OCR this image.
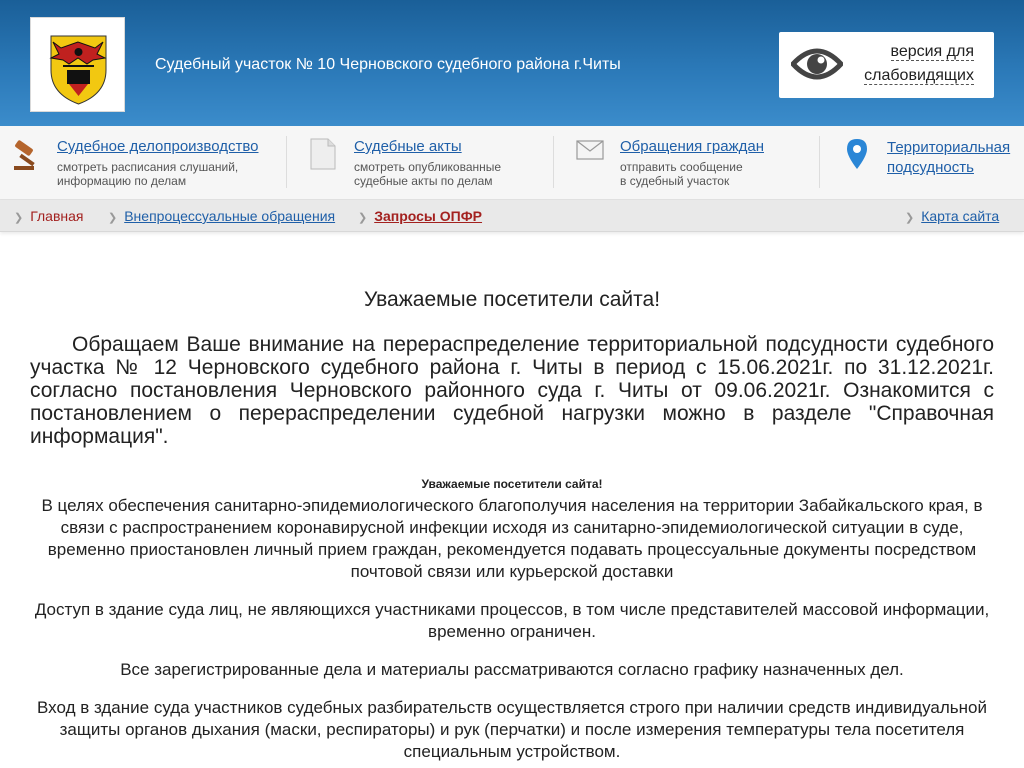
Судебный участок № 10 Черновского судебного района г.Читы
версия для
слабовидящих
Судебное делопроизводство
смотреть расписания слушаний,
информацию по делам
Судебные акты
смотреть опубликованные
судебные акты по делам
Обращения граждан
отправить сообщение
в судебный участок
Территориальная
подсудность
❯ Главная ❯ Внепроцессуальные обращения ❯ Запросы ОПФР	❯ Карта сайта
Уважаемые посетители сайта!
Обращаем Ваше внимание на перераспределение территориальной подсудности судебного участка № 12 Черновского судебного района г. Читы в период с 15.06.2021г. по 31.12.2021г. согласно постановления Черновского районного суда г. Читы от 09.06.2021г. Ознакомится с постановлением о перераспределении судебной нагрузки можно в разделе "Справочная информация".
Уважаемые посетители сайта!
В целях обеспечения санитарно-эпидемиологического благополучия населения на территории Забайкальского края, в связи с распространением коронавирусной инфекции исходя из санитарно-эпидемиологической ситуации в суде, временно приостановлен личный прием граждан, рекомендуется подавать процессуальные документы посредством почтовой связи или курьерской доставки
Доступ в здание суда лиц, не являющихся участниками процессов, в том числе представителей массовой информации, временно ограничен.
Все зарегистрированные дела и материалы рассматриваются согласно графику назначенных дел.
Вход в здание суда участников судебных разбирательств осуществляется строго при наличии средств индивидуальной защиты органов дыхания (маски, респираторы) и рук (перчатки) и после измерения температуры тела посетителя специальным устройством.
